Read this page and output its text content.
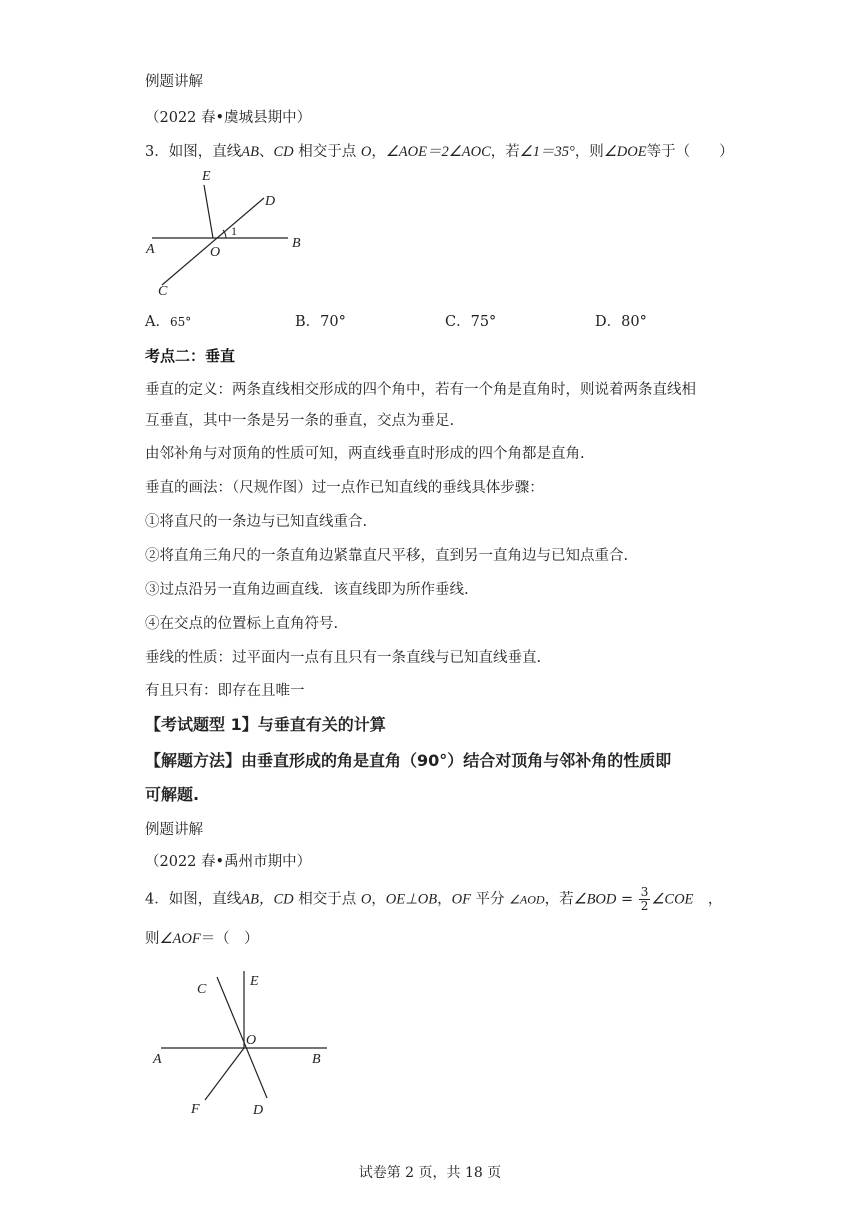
例题讲解
（2022 春•虞城县期中）
3．如图，直线AB、CD 相交于点 O，∠AOE＝2∠AOC，若∠1＝35°，则∠DOE等于（　　）
E
D
1
A	O
B
C
A．65°	B．70°	C．75°	D．80°
考点二：垂直
垂直的定义：两条直线相交形成的四个角中，若有一个角是直角时，则说着两条直线相
互垂直，其中一条是另一条的垂直，交点为垂足.
由邻补角与对顶角的性质可知，两直线垂直时形成的四个角都是直角.
垂直的画法：（尺规作图）过一点作已知直线的垂线具体步骤：
①将直尺的一条边与已知直线重合.
②将直角三角尺的一条直角边紧靠直尺平移，直到另一直角边与已知点重合.
③过点沿另一直角边画直线．该直线即为所作垂线.
④在交点的位置标上直角符号.
垂线的性质：过平面内一点有且只有一条直线与已知直线垂直.
有且只有：即存在且唯一
【考试题型 1】与垂直有关的计算
【解题方法】由垂直形成的角是直角（90°）结合对顶角与邻补角的性质即
可解题.
例题讲解
（2022 春•禹州市期中）
4．如图，直线AB，CD 相交于点 O，OE⊥OB，OF 平分 ∠AOD，若∠BOD = $\frac{3}{2}$ ∠COE　 ，
则∠AOF＝（　）
C
E
O
A	B
F	D
试卷第 2 页，共 18 页
